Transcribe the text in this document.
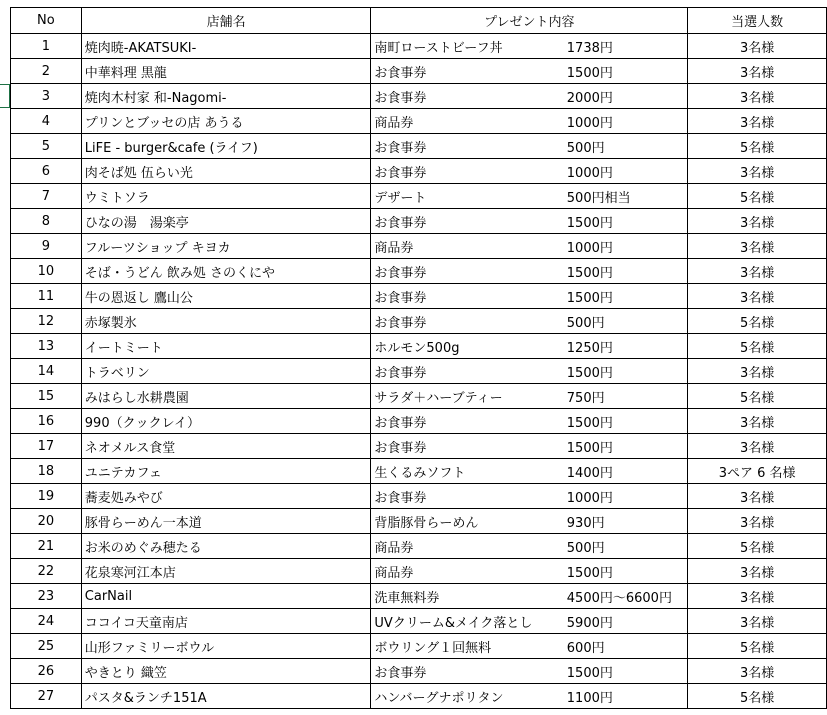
No	店舗名	プレゼント内容		当選人数
1	焼肉暁-AKATSUKI-	南町ローストビーフ丼	1738円	3名様
2	中華料理 黒龍	お食事券	1500円	3名様
3	焼肉木村家 和-Nagomi-	お食事券	2000円	3名様
4	プリンとブッセの店 あうる	商品券	1000円	3名様
5	LiFE - burger&cafe (ライフ)	お食事券	500円	5名様
6	肉そば処 伍らい光	お食事券	1000円	3名様
7	ウミトソラ	デザート	500円相当	5名様
8	ひなの湯　湯楽亭	お食事券	1500円	3名様
9	フルーツショップ キヨカ	商品券	1000円	3名様
10	そば・うどん 飲み処 さのくにや	お食事券	1500円	3名様
11	牛の恩返し 鷹山公	お食事券	1500円	3名様
12	赤塚製氷	お食事券	500円	5名様
13	イートミート	ホルモン500g	1250円	5名様
14	トラベリン	お食事券	1500円	3名様
15	みはらし水耕農園	サラダ＋ハーブティー	750円	5名様
16	990（クックレイ）	お食事券	1500円	3名様
17	ネオメルス食堂	お食事券	1500円	3名様
18	ユニテカフェ	生くるみソフト	1400円	3ペア 6 名様
19	蕎麦処みやび	お食事券	1000円	3名様
20	豚骨らーめん一本道	背脂豚骨らーめん	930円	3名様
21	お米のめぐみ穂たる	商品券	500円	5名様
22	花泉寒河江本店	商品券	1500円	3名様
23	CarNail	洗車無料券	4500円～6600円	3名様
24	ココイコ天童南店	UVクリーム&メイク落とし	5900円	3名様
25	山形ファミリーボウル	ボウリング１回無料	600円	5名様
26	やきとり 織笠	お食事券	1500円	3名様
27	パスタ&ランチ151A	ハンバーグナポリタン	1100円	5名様
